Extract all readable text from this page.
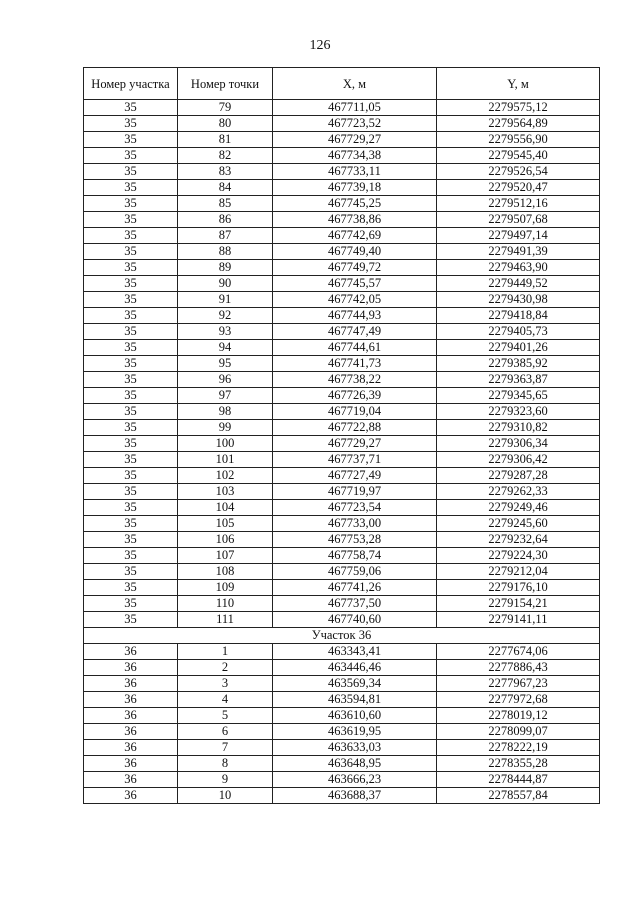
126
Номер участка	Номер точки	X, м	Y, м
35	79	467711,05	2279575,12
35	80	467723,52	2279564,89
35	81	467729,27	2279556,90
35	82	467734,38	2279545,40
35	83	467733,11	2279526,54
35	84	467739,18	2279520,47
35	85	467745,25	2279512,16
35	86	467738,86	2279507,68
35	87	467742,69	2279497,14
35	88	467749,40	2279491,39
35	89	467749,72	2279463,90
35	90	467745,57	2279449,52
35	91	467742,05	2279430,98
35	92	467744,93	2279418,84
35	93	467747,49	2279405,73
35	94	467744,61	2279401,26
35	95	467741,73	2279385,92
35	96	467738,22	2279363,87
35	97	467726,39	2279345,65
35	98	467719,04	2279323,60
35	99	467722,88	2279310,82
35	100	467729,27	2279306,34
35	101	467737,71	2279306,42
35	102	467727,49	2279287,28
35	103	467719,97	2279262,33
35	104	467723,54	2279249,46
35	105	467733,00	2279245,60
35	106	467753,28	2279232,64
35	107	467758,74	2279224,30
35	108	467759,06	2279212,04
35	109	467741,26	2279176,10
35	110	467737,50	2279154,21
35	111	467740,60	2279141,11
Участок 36			
36	1	463343,41	2277674,06
36	2	463446,46	2277886,43
36	3	463569,34	2277967,23
36	4	463594,81	2277972,68
36	5	463610,60	2278019,12
36	6	463619,95	2278099,07
36	7	463633,03	2278222,19
36	8	463648,95	2278355,28
36	9	463666,23	2278444,87
36	10	463688,37	2278557,84
